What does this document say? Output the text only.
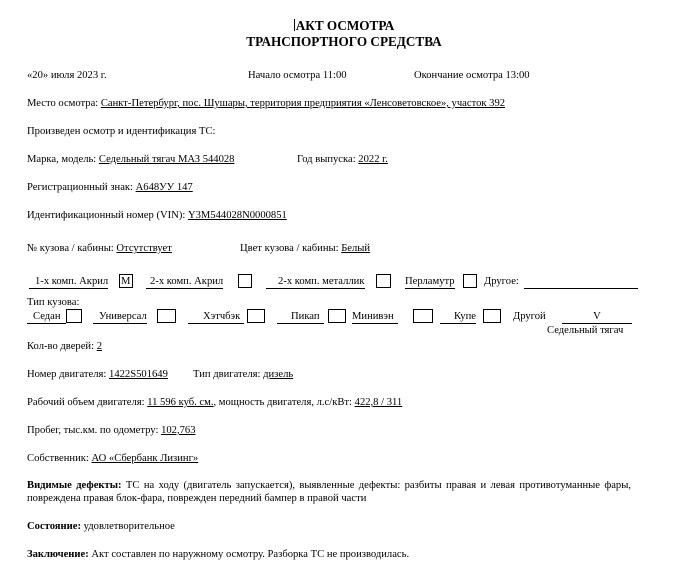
АКТ ОСМОТРА
ТРАНСПОРТНОГО СРЕДСТВА
«20» июля 2023 г.	Начало осмотра 11:00	Окончание осмотра 13:00
Место осмотра: Санкт-Петербург, пос. Шушары, территория предприятия «Ленсоветовское», участок 392
Произведен осмотр и идентификация ТС:
Марка, модель: Седельный тягач МАЗ 544028	Год выпуска: 2022 г.
Регистрационный знак: А648УУ 147
Идентификационный номер (VIN): Y3M544028N0000851
№ кузова / кабины: Отсутствует	Цвет кузова / кабины: Белый
1-х комп. Акрил М	2-х комп. Акрил	2-х комп. металлик	Перламутр	Другое:
Тип кузова:
Седан	Универсал	Хэтчбэк	Пикап	Минивэн	Купе	Другой	V
Седельный тягач
Кол-во дверей: 2
Номер двигателя: 1422S501649 Тип двигателя: дизель
Рабочий объем двигателя: 11 596 куб. см., мощность двигателя, л.с/кВт: 422,8 / 311
Пробег, тыс.км. по одометру: 102,763
Собственник: АО «Сбербанк Лизинг»
Видимые дефекты: ТС на ходу (двигатель запускается), выявленные дефекты: разбиты правая и левая противотуманные фары, повреждена правая блок-фара, поврежден передний бампер в правой части
Состояние: удовлетворительное
Заключение: Акт составлен по наружному осмотру. Разборка ТС не производилась.
